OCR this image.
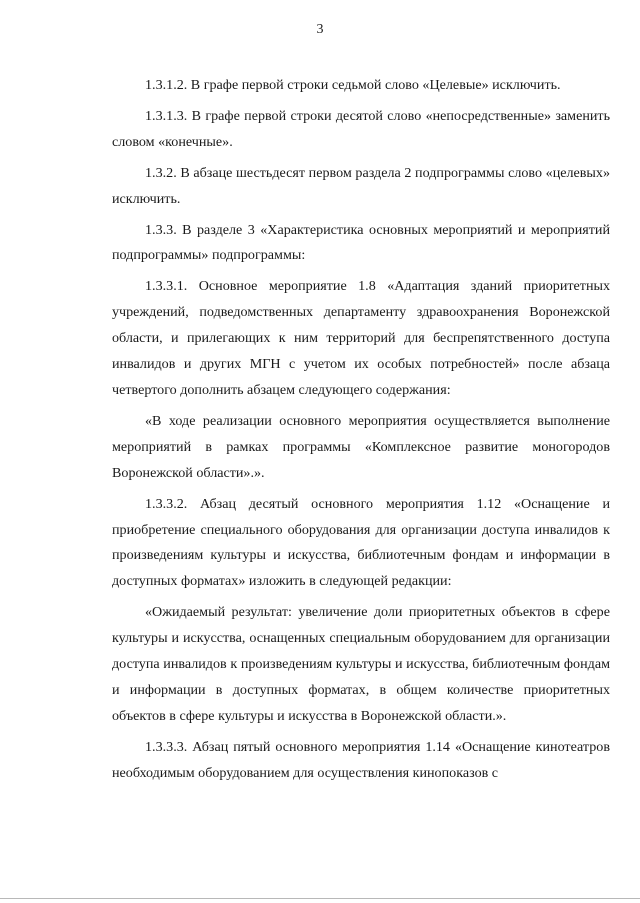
3

1.3.1.2. В графе первой строки седьмой слово «Целевые» исключить.

1.3.1.3. В графе первой строки десятой слово «непосредственные» заменить словом «конечные».

1.3.2. В абзаце шестьдесят первом раздела 2 подпрограммы слово «целевых» исключить.

1.3.3. В разделе 3 «Характеристика основных мероприятий и мероприятий подпрограммы» подпрограммы:

1.3.3.1. Основное мероприятие 1.8 «Адаптация зданий приоритетных учреждений, подведомственных департаменту здравоохранения Воронежской области, и прилегающих к ним территорий для беспрепятственного доступа инвалидов и других МГН с учетом их особых потребностей» после абзаца четвертого дополнить абзацем следующего содержания:

«В ходе реализации основного мероприятия осуществляется выполнение мероприятий в рамках программы «Комплексное развитие моногородов Воронежской области».».

1.3.3.2. Абзац десятый основного мероприятия 1.12 «Оснащение и приобретение специального оборудования для организации доступа инвалидов к произведениям культуры и искусства, библиотечным фондам и информации в доступных форматах» изложить в следующей редакции:

«Ожидаемый результат: увеличение доли приоритетных объектов в сфере культуры и искусства, оснащенных специальным оборудованием для организации доступа инвалидов к произведениям культуры и искусства, библиотечным фондам и информации в доступных форматах, в общем количестве приоритетных объектов в сфере культуры и искусства в Воронежской области.».

1.3.3.3. Абзац пятый основного мероприятия 1.14 «Оснащение кинотеатров необходимым оборудованием для осуществления кинопоказов с
